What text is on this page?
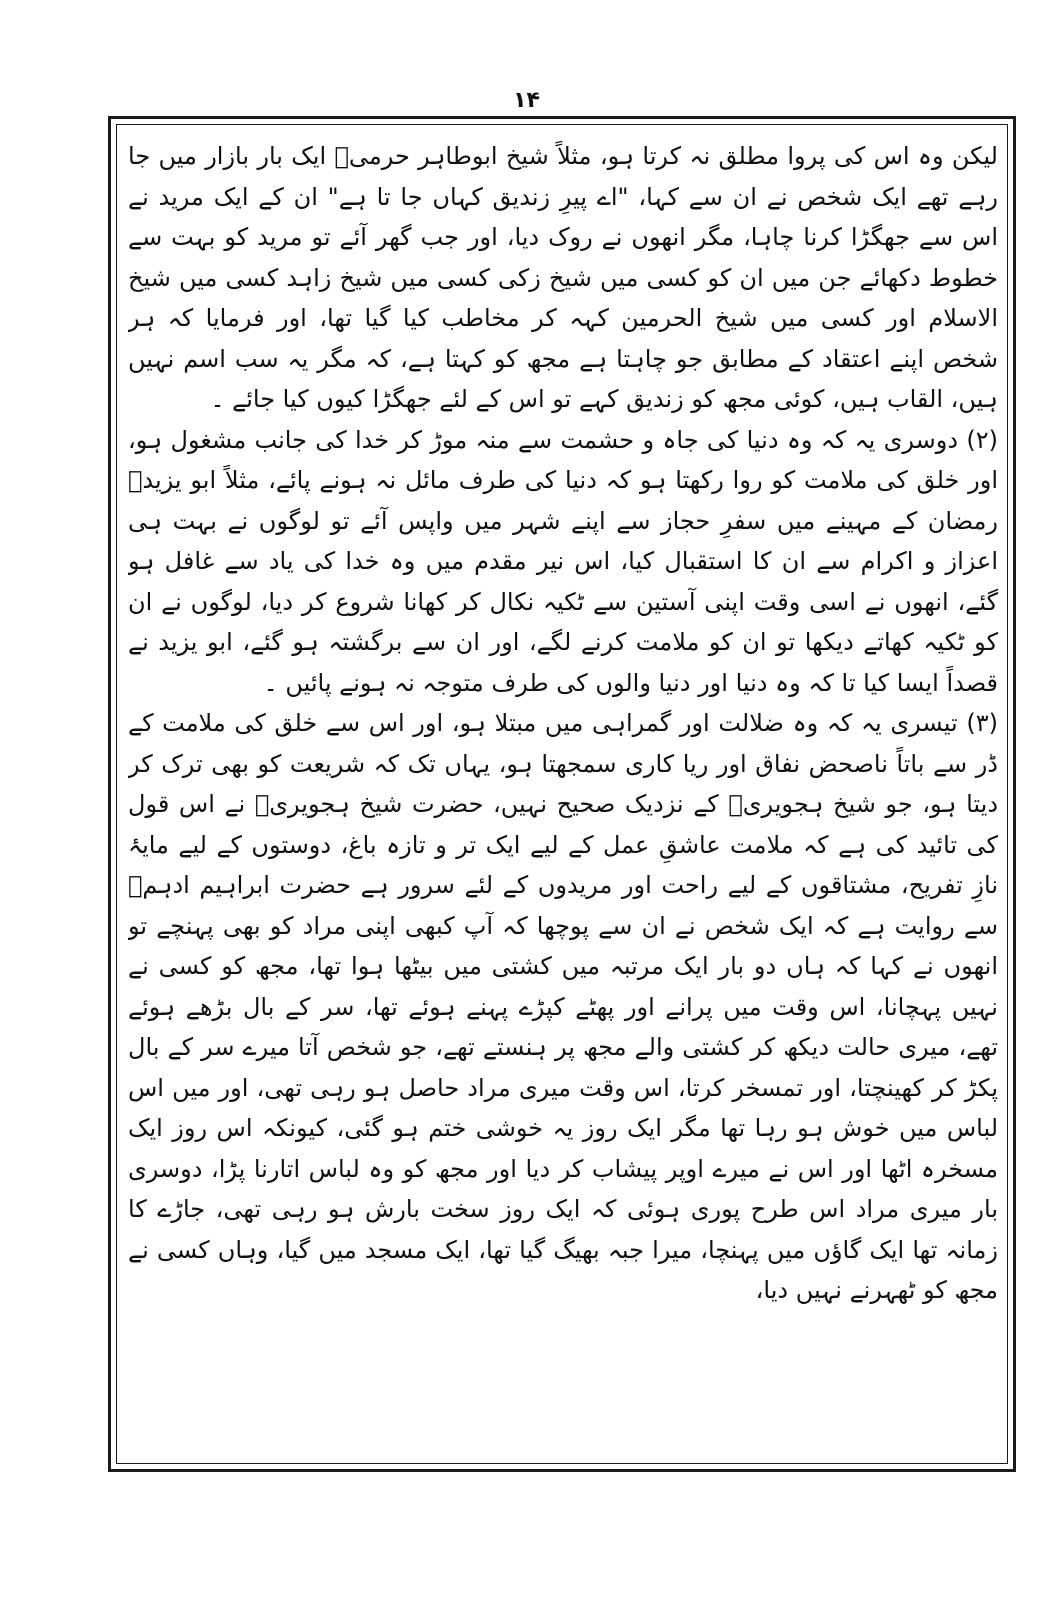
۱۴

لیکن وہ اس کی پروا مطلق نہ کرتا ہو، مثلاً شیخ ابوطاہر حرمیؒ ایک بار بازار میں جا رہے تھے ایک شخص نے ان سے کہا، "اے پیرِ زندیق کہاں جا تا ہے" ان کے ایک مرید نے اس سے جھگڑا کرنا چاہا، مگر انھوں نے روک دیا، اور جب گھر آئے تو مرید کو بہت سے خطوط دکھائے جن میں ان کو کسی میں شیخ زکی کسی میں شیخ زاہد کسی میں شیخ الاسلام اور کسی میں شیخ الحرمین کہہ کر مخاطب کیا گیا تھا، اور فرمایا کہ ہر شخص اپنے اعتقاد کے مطابق جو چاہتا ہے مجھ کو کہتا ہے، کہ مگر یہ سب اسم نہیں ہیں، القاب ہیں، کوئی مجھ کو زندیق کہے تو اس کے لئے جھگڑا کیوں کیا جائے ۔

(۲) دوسری یہ کہ وہ دنیا کی جاہ و حشمت سے منہ موڑ کر خدا کی جانب مشغول ہو، اور خلق کی ملامت کو روا رکھتا ہو کہ دنیا کی طرف مائل نہ ہونے پائے، مثلاً ابو یزیدؒ رمضان کے مہینے میں سفرِ حجاز سے اپنے شہر میں واپس آئے تو لوگوں نے بہت ہی اعزاز و اکرام سے ان کا استقبال کیا، اس نیر مقدم میں وہ خدا کی یاد سے غافل ہو گئے، انھوں نے اسی وقت اپنی آستین سے ٹکیہ نکال کر کھانا شروع کر دیا، لوگوں نے ان کو ٹکیہ کھاتے دیکھا تو ان کو ملامت کرنے لگے، اور ان سے برگشتہ ہو گئے، ابو یزید نے قصداً ایسا کیا تا کہ وہ دنیا اور دنیا والوں کی طرف متوجہ نہ ہونے پائیں ۔

(۳) تیسری یہ کہ وہ ضلالت اور گمراہی میں مبتلا ہو، اور اس سے خلق کی ملامت کے ڈر سے باتاً ناصحض نفاق اور ریا کاری سمجھتا ہو، یہاں تک کہ شریعت کو بھی ترک کر دیتا ہو، جو شیخ ہجویریؒ کے نزدیک صحیح نہیں، حضرت شیخ ہجویریؒ نے اس قول کی تائید کی ہے کہ ملامت عاشقِ عمل کے لیے ایک تر و تازہ باغ، دوستوں کے لیے مایۂ نازِ تفریح، مشتاقوں کے لیے راحت اور مریدوں کے لئے سرور ہے حضرت ابراہیم ادہمؒ سے روایت ہے کہ ایک شخص نے ان سے پوچھا کہ آپ کبھی اپنی مراد کو بھی پہنچے تو انھوں نے کہا کہ ہاں دو بار ایک مرتبہ میں کشتی میں بیٹھا ہوا تھا، مجھ کو کسی نے نہیں پہچانا، اس وقت میں پرانے اور پھٹے کپڑے پہنے ہوئے تھا، سر کے بال بڑھے ہوئے تھے، میری حالت دیکھ کر کشتی والے مجھ پر ہنستے تھے، جو شخص آتا میرے سر کے بال پکڑ کر کھینچتا، اور تمسخر کرتا، اس وقت میری مراد حاصل ہو رہی تھی، اور میں اس لباس میں خوش ہو رہا تھا مگر ایک روز یہ خوشی ختم ہو گئی، کیونکہ اس روز ایک مسخرہ اٹھا اور اس نے میرے اوپر پیشاب کر دیا اور مجھ کو وہ لباس اتارنا پڑا، دوسری بار میری مراد اس طرح پوری ہوئی کہ ایک روز سخت بارش ہو رہی تھی، جاڑے کا زمانہ تھا ایک گاؤں میں پہنچا، میرا جبہ بھیگ گیا تھا، ایک مسجد میں گیا، وہاں کسی نے مجھ کو ٹھہرنے نہیں دیا،
